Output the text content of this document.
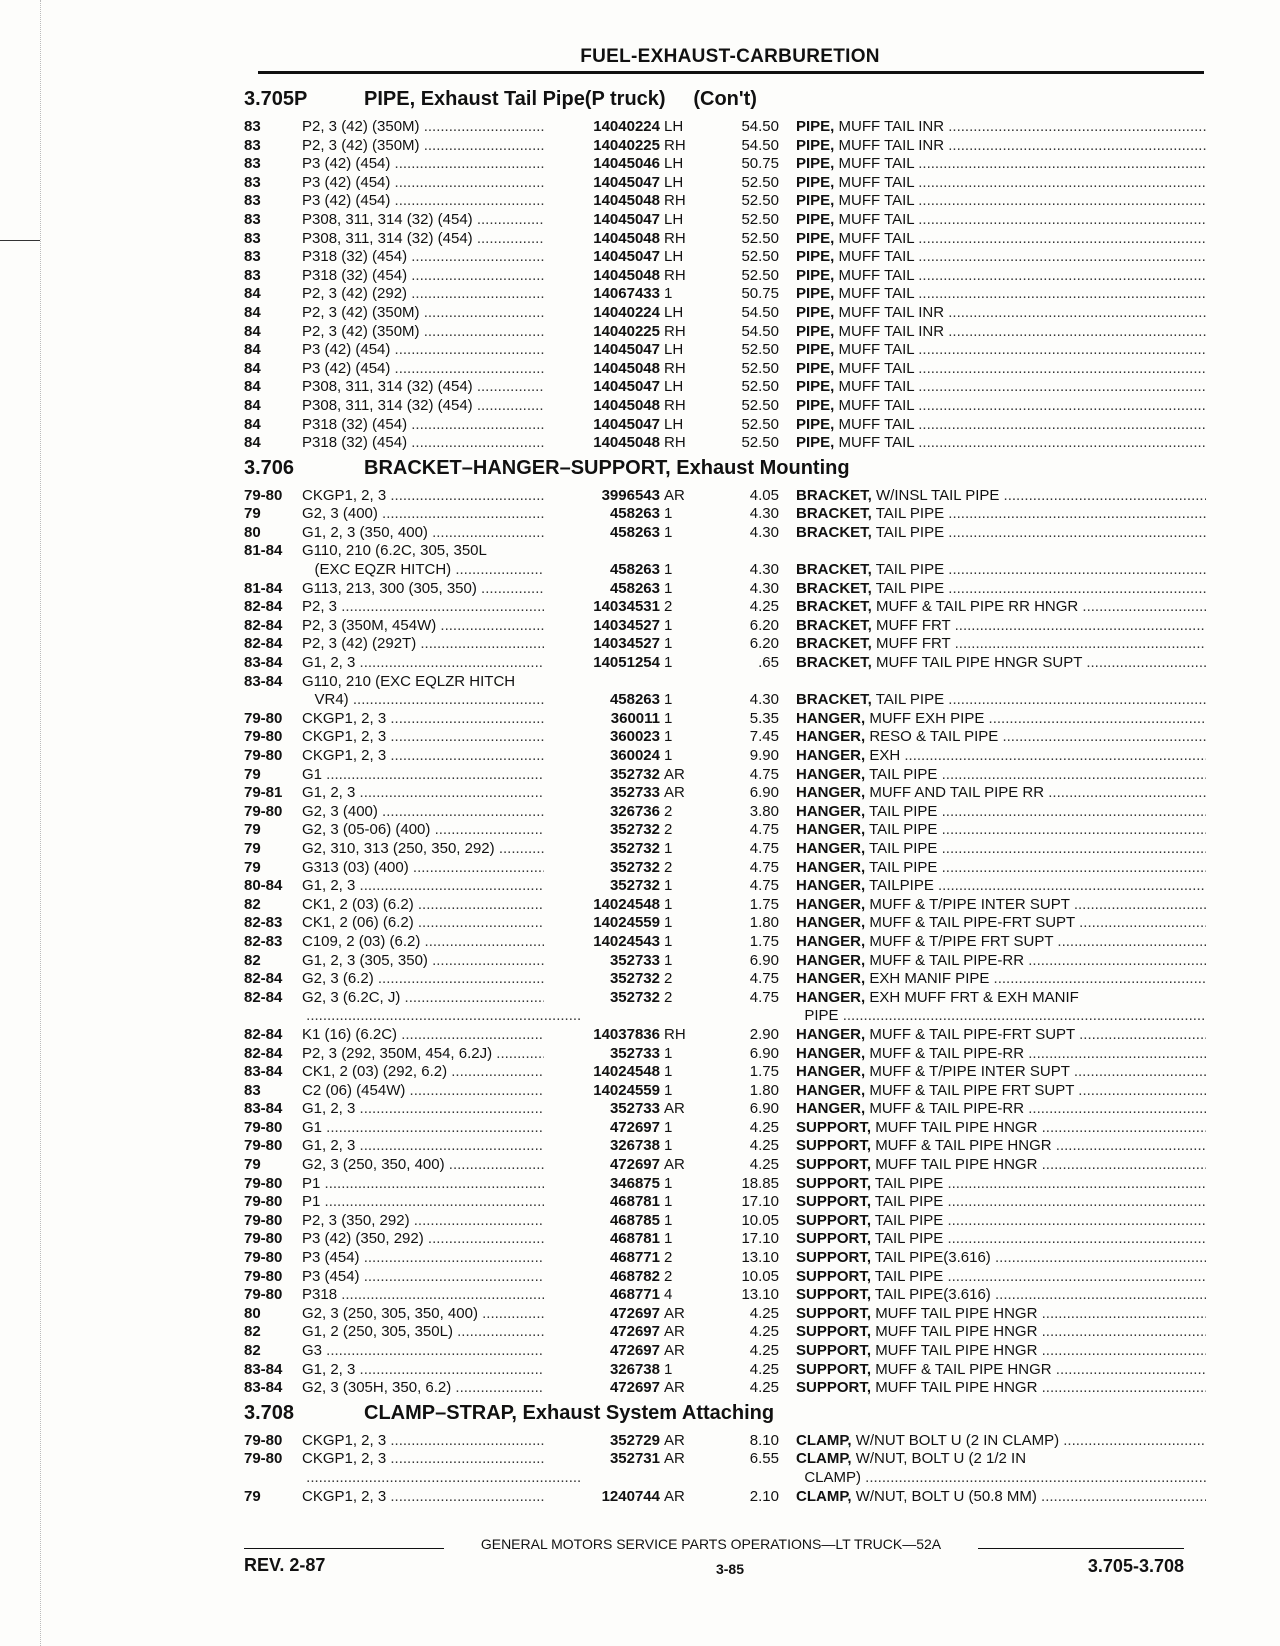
FUEL-EXHAUST-CARBURETION
3.705P	PIPE, Exhaust Tail Pipe(P truck)     (Con't)
83	P2, 3 (42) (350M) .....	14040224 LH	54.50 PIPE, MUFF TAIL INR .....
83	P2, 3 (42) (350M) .....	14040225 RH	54.50 PIPE, MUFF TAIL INR .....
83	P3 (42) (454) .....	14045046 LH	50.75 PIPE, MUFF TAIL .....
83	P3 (42) (454) .....	14045047 LH	52.50 PIPE, MUFF TAIL .....
83	P3 (42) (454) .....	14045048 RH	52.50 PIPE, MUFF TAIL .....
83	P308, 311, 314 (32) (454) .....	14045047 LH	52.50 PIPE, MUFF TAIL .....
83	P308, 311, 314 (32) (454) .....	14045048 RH	52.50 PIPE, MUFF TAIL .....
83	P318 (32) (454) .....	14045047 LH	52.50 PIPE, MUFF TAIL .....
83	P318 (32) (454) .....	14045048 RH	52.50 PIPE, MUFF TAIL .....
84	P2, 3 (42) (292) .....	14067433 1	50.75 PIPE, MUFF TAIL .....
84	P2, 3 (42) (350M) .....	14040224 LH	54.50 PIPE, MUFF TAIL INR .....
84	P2, 3 (42) (350M) .....	14040225 RH	54.50 PIPE, MUFF TAIL INR .....
84	P3 (42) (454) .....	14045047 LH	52.50 PIPE, MUFF TAIL .....
84	P3 (42) (454) .....	14045048 RH	52.50 PIPE, MUFF TAIL .....
84	P308, 311, 314 (32) (454) .....	14045047 LH	52.50 PIPE, MUFF TAIL .....
84	P308, 311, 314 (32) (454) .....	14045048 RH	52.50 PIPE, MUFF TAIL .....
84	P318 (32) (454) .....	14045047 LH	52.50 PIPE, MUFF TAIL .....
84	P318 (32) (454) .....	14045048 RH	52.50 PIPE, MUFF TAIL .....
3.706	BRACKET–HANGER–SUPPORT, Exhaust Mounting
79-80	CKGP1, 2, 3 .....	3996543 AR	4.05 BRACKET, W/INSL TAIL PIPE .....
79	G2, 3 (400) .....	458263 1	4.30 BRACKET, TAIL PIPE .....
80	G1, 2, 3 (350, 400) .....	458263 1	4.30 BRACKET, TAIL PIPE .....
81-84	G110, 210 (6.2C, 305, 350L
(EXC EQZR HITCH) .....	458263 1	4.30 BRACKET, TAIL PIPE .....
81-84	G113, 213, 300 (305, 350) .....	458263 1	4.30 BRACKET, TAIL PIPE .....
82-84	P2, 3 .....	14034531 2	4.25 BRACKET, MUFF & TAIL PIPE RR HNGR .....
82-84	P2, 3 (350M, 454W) .....	14034527 1	6.20 BRACKET, MUFF FRT .....
82-84	P2, 3 (42) (292T) .....	14034527 1	6.20 BRACKET, MUFF FRT .....
83-84	G1, 2, 3 .....	14051254 1	.65 BRACKET, MUFF TAIL PIPE HNGR SUPT .....
83-84	G110, 210 (EXC EQLZR HITCH
VR4) .....	458263 1	4.30 BRACKET, TAIL PIPE .....
79-80	CKGP1, 2, 3 .....	360011 1	5.35 HANGER, MUFF EXH PIPE .....
79-80	CKGP1, 2, 3 .....	360023 1	7.45 HANGER, RESO & TAIL PIPE .....
79-80	CKGP1, 2, 3 .....	360024 1	9.90 HANGER, EXH .....
79	G1 .....	352732 AR	4.75 HANGER, TAIL PIPE .....
79-81	G1, 2, 3 .....	352733 AR	6.90 HANGER, MUFF AND TAIL PIPE RR .....
79-80	G2, 3 (400) .....	326736 2	3.80 HANGER, TAIL PIPE .....
79	G2, 3 (05-06) (400) .....	352732 2	4.75 HANGER, TAIL PIPE .....
79	G2, 310, 313 (250, 350, 292) .....	352732 1	4.75 HANGER, TAIL PIPE .....
79	G313 (03) (400) .....	352732 2	4.75 HANGER, TAIL PIPE .....
80-84	G1, 2, 3 .....	352732 1	4.75 HANGER, TAILPIPE .....
82	CK1, 2 (03) (6.2) .....	14024548 1	1.75 HANGER, MUFF & T/PIPE INTER SUPT .....
82-83	CK1, 2 (06) (6.2) .....	14024559 1	1.80 HANGER, MUFF & TAIL PIPE-FRT SUPT .....
82-83	C109, 2 (03) (6.2) .....	14024543 1	1.75 HANGER, MUFF & T/PIPE FRT SUPT .....
82	G1, 2, 3 (305, 350) .....	352733 1	6.90 HANGER, MUFF & TAIL PIPE-RR .....
82-84	G2, 3 (6.2) .....	352732 2	4.75 HANGER, EXH MANIF PIPE .....
82-84	G2, 3 (6.2C, J) .....	352732 2	4.75 HANGER, EXH MUFF FRT & EXH MANIF
.....
PIPE .....
82-84	K1 (16) (6.2C) .....	14037836 RH	2.90 HANGER, MUFF & TAIL PIPE-FRT SUPT .....
82-84	P2, 3 (292, 350M, 454, 6.2J) .....	352733 1	6.90 HANGER, MUFF & TAIL PIPE-RR .....
83-84	CK1, 2 (03) (292, 6.2) .....	14024548 1	1.75 HANGER, MUFF & T/PIPE INTER SUPT .....
83	C2 (06) (454W) .....	14024559 1	1.80 HANGER, MUFF & TAIL PIPE FRT SUPT .....
83-84	G1, 2, 3 .....	352733 AR	6.90 HANGER, MUFF & TAIL PIPE-RR .....
79-80	G1 .....	472697 1	4.25 SUPPORT, MUFF TAIL PIPE HNGR .....
79-80	G1, 2, 3 .....	326738 1	4.25 SUPPORT, MUFF & TAIL PIPE HNGR .....
79	G2, 3 (250, 350, 400) .....	472697 AR	4.25 SUPPORT, MUFF TAIL PIPE HNGR .....
79-80	P1 .....	346875 1	18.85 SUPPORT, TAIL PIPE .....
79-80	P1 .....	468781 1	17.10 SUPPORT, TAIL PIPE .....
79-80	P2, 3 (350, 292) .....	468785 1	10.05 SUPPORT, TAIL PIPE .....
79-80	P3 (42) (350, 292) .....	468781 1	17.10 SUPPORT, TAIL PIPE .....
79-80	P3 (454) .....	468771 2	13.10 SUPPORT, TAIL PIPE(3.616) .....
79-80	P3 (454) .....	468782 2	10.05 SUPPORT, TAIL PIPE .....
79-80	P318 .....	468771 4	13.10 SUPPORT, TAIL PIPE(3.616) .....
80	G2, 3 (250, 305, 350, 400) .....	472697 AR	4.25 SUPPORT, MUFF TAIL PIPE HNGR .....
82	G1, 2 (250, 305, 350L) .....	472697 AR	4.25 SUPPORT, MUFF TAIL PIPE HNGR .....
82	G3 .....	472697 AR	4.25 SUPPORT, MUFF TAIL PIPE HNGR .....
83-84	G1, 2, 3 .....	326738 1	4.25 SUPPORT, MUFF & TAIL PIPE HNGR .....
83-84	G2, 3 (305H, 350, 6.2) .....	472697 AR	4.25 SUPPORT, MUFF TAIL PIPE HNGR .....
3.708	CLAMP–STRAP, Exhaust System Attaching
79-80	CKGP1, 2, 3 .....	352729 AR	8.10 CLAMP, W/NUT BOLT U (2 IN CLAMP) .....
79-80	CKGP1, 2, 3 .....	352731 AR	6.55 CLAMP, W/NUT, BOLT U (2 1/2 IN
.....
CLAMP) .....
79	CKGP1, 2, 3 .....	1240744 AR	2.10 CLAMP, W/NUT, BOLT U (50.8 MM) .....
GENERAL MOTORS SERVICE PARTS OPERATIONS—LT TRUCK—52A
REV. 2-87	3-85	3.705-3.708
